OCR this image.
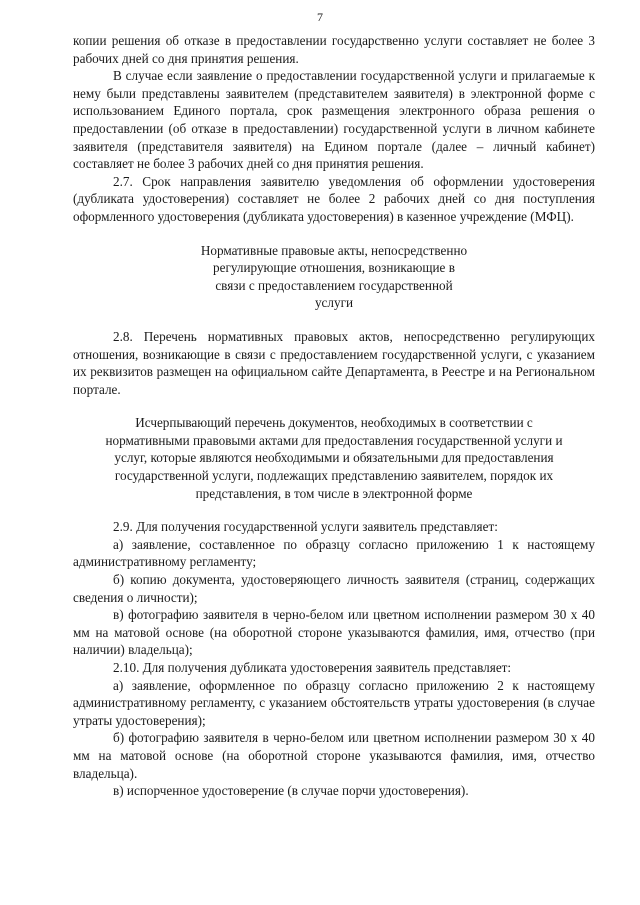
7

копии решения об отказе в предоставлении государственно услуги составляет не более 3 рабочих дней со дня принятия решения.

В случае если заявление о предоставлении государственной услуги и прилагаемые к нему были представлены заявителем (представителем заявителя) в электронной форме с использованием Единого портала, срок размещения электронного образа решения о предоставлении (об отказе в предоставлении) государственной услуги в личном кабинете заявителя (представителя заявителя) на Едином портале (далее – личный кабинет) составляет не более 3 рабочих дней со дня принятия решения.

2.7. Срок направления заявителю уведомления об оформлении удостоверения (дубликата удостоверения) составляет не более 2 рабочих дней со дня поступления оформленного удостоверения (дубликата удостоверения) в казенное учреждение (МФЦ).

Нормативные правовые акты, непосредственно регулирующие отношения, возникающие в связи с предоставлением государственной услуги

2.8. Перечень нормативных правовых актов, непосредственно регулирующих отношения, возникающие в связи с предоставлением государственной услуги, с указанием их реквизитов размещен на официальном сайте Департамента, в Реестре и на Региональном портале.

Исчерпывающий перечень документов, необходимых в соответствии с нормативными правовыми актами для предоставления государственной услуги и услуг, которые являются необходимыми и обязательными для предоставления государственной услуги, подлежащих представлению заявителем, порядок их представления, в том числе в электронной форме

2.9. Для получения государственной услуги заявитель представляет:

а) заявление, составленное по образцу согласно приложению 1 к настоящему административному регламенту;

б) копию документа, удостоверяющего личность заявителя (страниц, содержащих сведения о личности);

в) фотографию заявителя в черно-белом или цветном исполнении размером 30 х 40 мм на матовой основе (на оборотной стороне указываются фамилия, имя, отчество (при наличии) владельца);

2.10. Для получения дубликата удостоверения заявитель представляет:

а) заявление, оформленное по образцу согласно приложению 2 к настоящему административному регламенту, с указанием обстоятельств утраты удостоверения (в случае утраты удостоверения);

б) фотографию заявителя в черно-белом или цветном исполнении размером 30 х 40 мм на матовой основе (на оборотной стороне указываются фамилия, имя, отчество владельца).

в) испорченное удостоверение (в случае порчи удостоверения).
